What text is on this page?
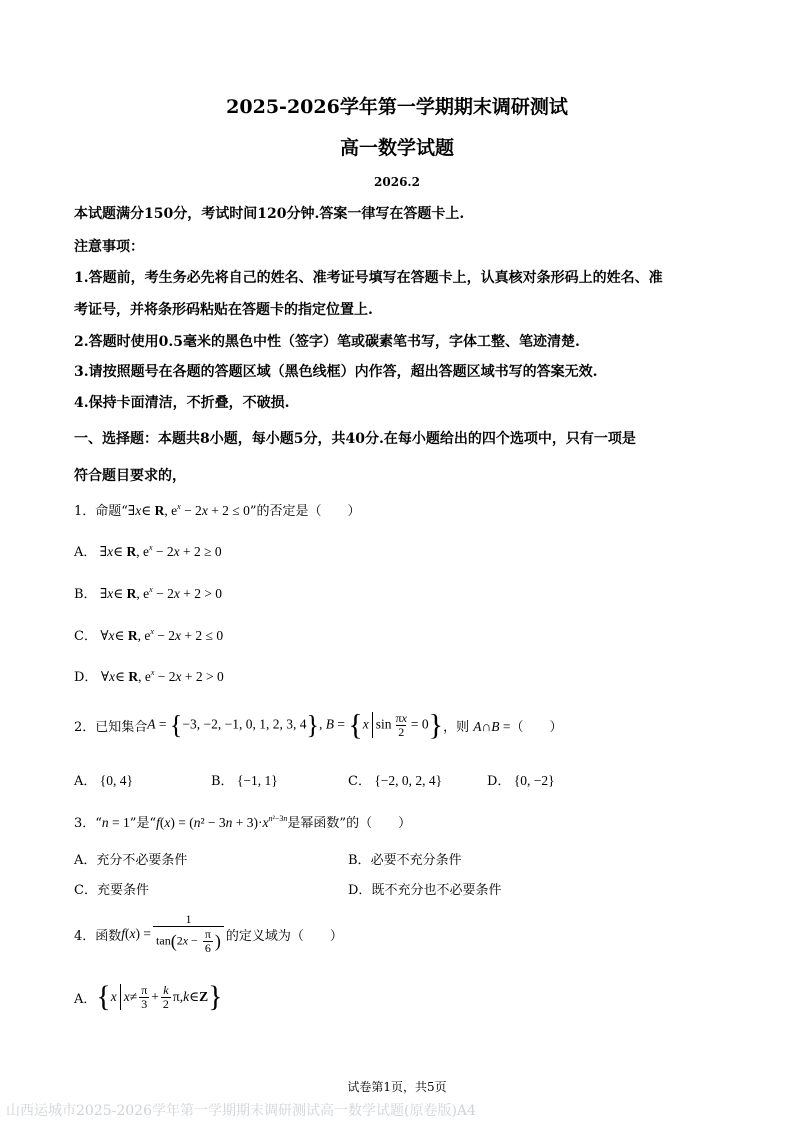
2025-2026学年第一学期期末调研测试
高一数学试题
2026.2
本试题满分150分，考试时间120分钟.答案一律写在答题卡上.
注意事项：
1.答题前，考生务必先将自己的姓名、准考证号填写在答题卡上，认真核对条形码上的姓名、准
考证号，并将条形码粘贴在答题卡的指定位置上.
2.答题时使用0.5毫米的黑色中性（签字）笔或碳素笔书写，字体工整、笔迹清楚.
3.请按照题号在各题的答题区域（黑色线框）内作答，超出答题区域书写的答案无效.
4.保持卡面清洁，不折叠，不破损.
一、选择题：本题共8小题，每小题5分，共40分.在每小题给出的四个选项中，只有一项是
符合题目要求的，
1．命题“∃x∈ R, $e^x - 2x + 2 \le 0$”的否定是（　　）
A． ∃x∈ R, $e^x - 2x + 2 \ge 0$
B． ∃x∈ R, $e^x - 2x + 2 > 0$
C． ∀x∈ R, $e^x - 2x + 2 \le 0$
D． ∀x∈ R, $e^x - 2x + 2 > 0$
2．已知集合 A = {−3, −2, −1, 0, 1, 2, 3, 4}, B = {x $\sin \frac{\pi x}{2} = 0$} ，则 A∩B =（　　）
A． {0, 4}	B． {−1, 1}	C． {−2, 0, 2, 4}	D． {0, −2}
3．“n = 1”是“$f(x) = (n^2 - 3n + 3)\cdot x^{n^2-3n}$是幂函数”的（　　）
A．充分不必要条件	B．必要不充分条件
C．充要条件	D．既不充分也不必要条件
4．函数 f ( x ) = $\frac{1}{\tan(2x - \frac{\pi}{6} )}$ 的定义域为（　　）
A． { x $x \ne \frac{\pi}{3} + \frac{k}{2} \pi$, k ∈ Z }
试卷第1页，共5页
山西运城市2025-2026学年第一学期期末调研测试高一数学试题(原卷版)A4
